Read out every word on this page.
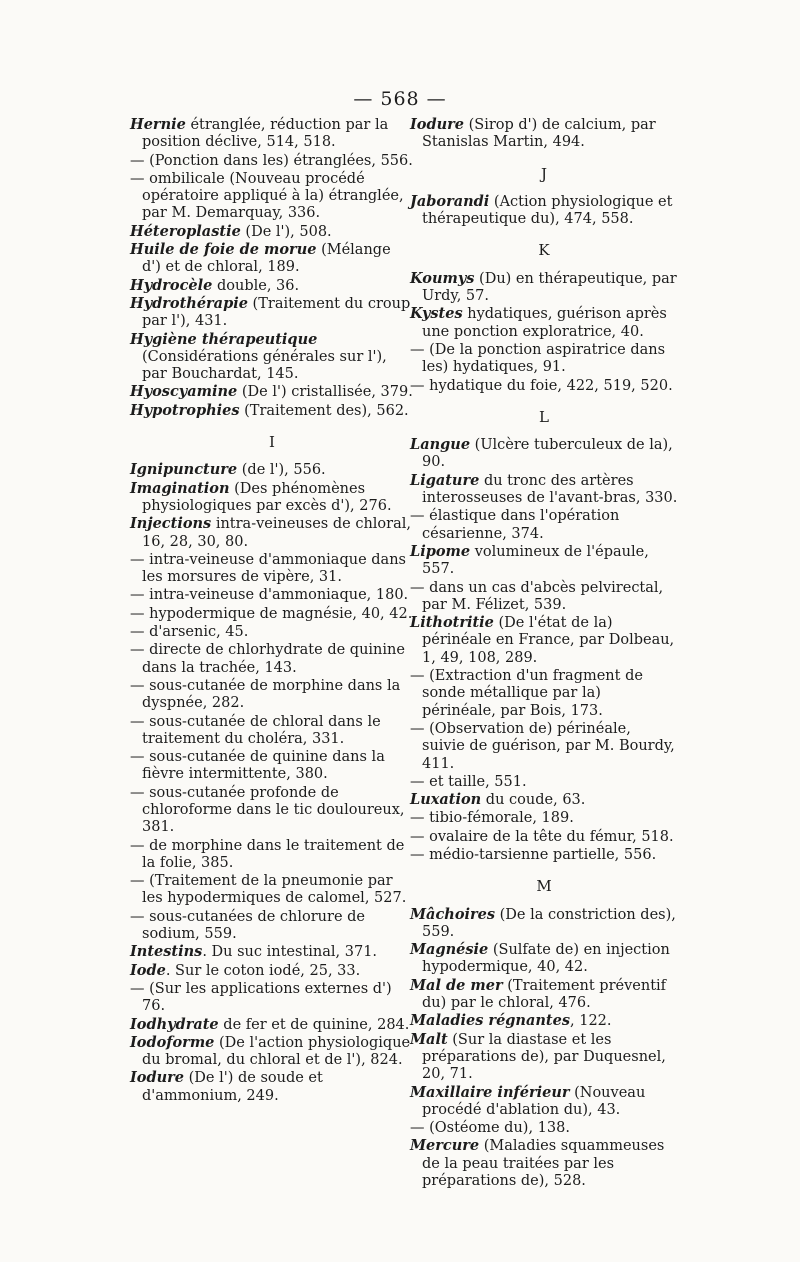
— 568 —

Hernie étranglée, réduction par la position déclive, 514, 518.

— (Ponction dans les) étranglées, 556.

— ombilicale (Nouveau procédé opératoire appliqué à la) étranglée, par M. Demarquay, 336.

Héteroplastie (De l'), 508.

Huile de foie de morue (Mélange d') et de chloral, 189.

Hydrocèle double, 36.

Hydrothérapie (Traitement du croup par l'), 431.

Hygiène thérapeutique (Considérations générales sur l'), par Bouchardat, 145.

Hyoscyamine (De l') cristallisée, 379.

Hypotrophies (Traitement des), 562.

I

Ignipuncture (de l'), 556.

Imagination (Des phénomènes physiologiques par excès d'), 276.

Injections intra-veineuses de chloral, 16, 28, 30, 80.

— intra-veineuse d'ammoniaque dans les morsures de vipère, 31.

— intra-veineuse d'ammoniaque, 180.

— hypodermique de magnésie, 40, 42.

— d'arsenic, 45.

— directe de chlorhydrate de quinine dans la trachée, 143.

— sous-cutanée de morphine dans la dyspnée, 282.

— sous-cutanée de chloral dans le traitement du choléra, 331.

— sous-cutanée de quinine dans la fièvre intermittente, 380.

— sous-cutanée profonde de chloroforme dans le tic douloureux, 381.

— de morphine dans le traitement de la folie, 385.

— (Traitement de la pneumonie par les hypodermiques de calomel, 527.

— sous-cutanées de chlorure de sodium, 559.

Intestins. Du suc intestinal, 371.

Iode. Sur le coton iodé, 25, 33.

— (Sur les applications externes d') 76.

Iodhydrate de fer et de quinine, 284.

Iodoforme (De l'action physiologique du bromal, du chloral et de l'), 824.

Iodure (De l') de soude et d'ammonium, 249.

Iodure (Sirop d') de calcium, par Stanislas Martin, 494.

J

Jaborandi (Action physiologique et thérapeutique du), 474, 558.

K

Koumys (Du) en thérapeutique, par Urdy, 57.

Kystes hydatiques, guérison après une ponction exploratrice, 40.

— (De la ponction aspiratrice dans les) hydatiques, 91.

— hydatique du foie, 422, 519, 520.

L

Langue (Ulcère tuberculeux de la), 90.

Ligature du tronc des artères interosseuses de l'avant-bras, 330.

— élastique dans l'opération césarienne, 374.

Lipome volumineux de l'épaule, 557.

— dans un cas d'abcès pelvirectal, par M. Félizet, 539.

Lithotritie (De l'état de la) périnéale en France, par Dolbeau, 1, 49, 108, 289.

— (Extraction d'un fragment de sonde métallique par la) périnéale, par Bois, 173.

— (Observation de) périnéale, suivie de guérison, par M. Bourdy, 411.

— et taille, 551.

Luxation du coude, 63.

— tibio-fémorale, 189.

— ovalaire de la tête du fémur, 518.

— médio-tarsienne partielle, 556.

M

Mâchoires (De la constriction des), 559.

Magnésie (Sulfate de) en injection hypodermique, 40, 42.

Mal de mer (Traitement préventif du) par le chloral, 476.

Maladies régnantes, 122.

Malt (Sur la diastase et les préparations de), par Duquesnel, 20, 71.

Maxillaire inférieur (Nouveau procédé d'ablation du), 43.

— (Ostéome du), 138.

Mercure (Maladies squammeuses de la peau traitées par les préparations de), 528.
